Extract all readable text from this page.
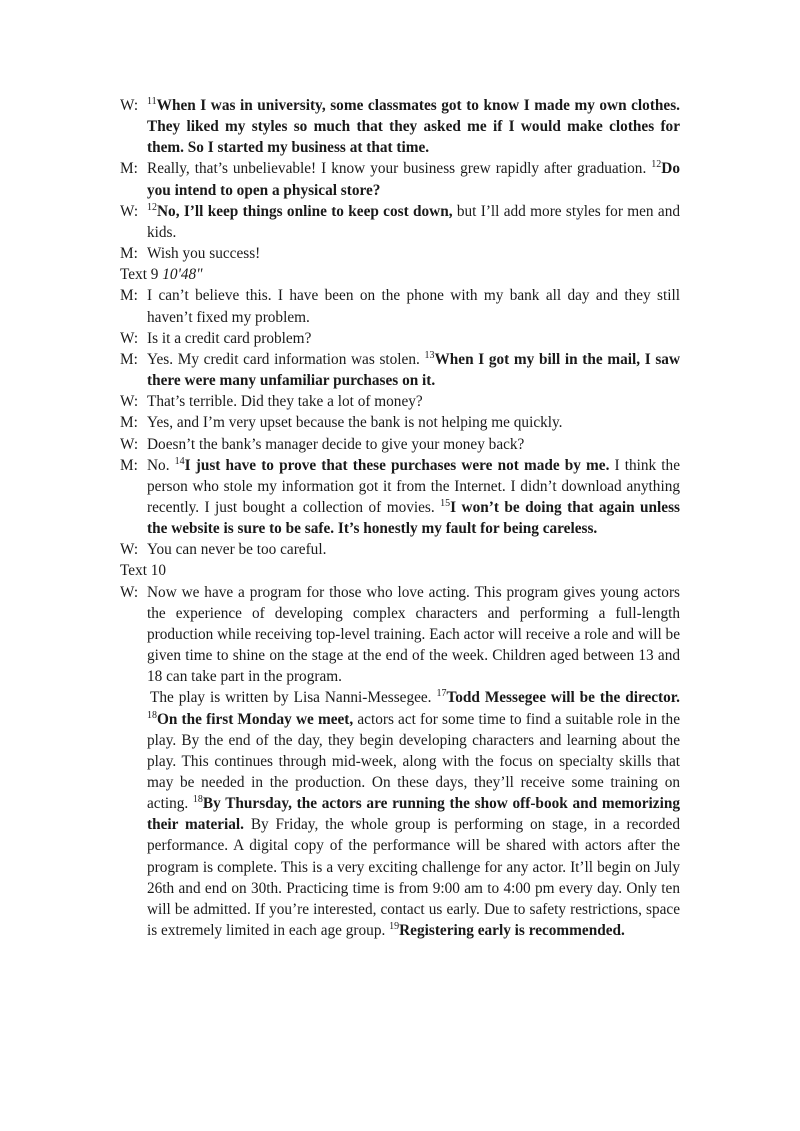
W: $^{11}$When I was in university, some classmates got to know I made my own clothes. They liked my styles so much that they asked me if I would make clothes for them. So I started my business at that time.
M: Really, that’s unbelievable! I know your business grew rapidly after graduation. $^{12}$Do you intend to open a physical store?
W: $^{12}$No, I’ll keep things online to keep cost down, but I’ll add more styles for men and kids.
M: Wish you success!
Text 9 10'48"
M: I can’t believe this. I have been on the phone with my bank all day and they still haven’t fixed my problem.
W: Is it a credit card problem?
M: Yes. My credit card information was stolen. $^{13}$When I got my bill in the mail, I saw there were many unfamiliar purchases on it.
W: That’s terrible. Did they take a lot of money?
M: Yes, and I’m very upset because the bank is not helping me quickly.
W: Doesn’t the bank’s manager decide to give your money back?
M: No. $^{14}$I just have to prove that these purchases were not made by me. I think the person who stole my information got it from the Internet. I didn’t download anything recently. I just bought a collection of movies. $^{15}$I won’t be doing that again unless the website is sure to be safe. It’s honestly my fault for being careless.
W: You can never be too careful.
Text 10
W: Now we have a program for those who love acting. This program gives young actors the experience of developing complex characters and performing a full-length production while receiving top-level training. Each actor will receive a role and will be given time to shine on the stage at the end of the week. Children aged between 13 and 18 can take part in the program.
The play is written by Lisa Nanni-Messegee. $^{17}$Todd Messegee will be the director. $^{18}$On the first Monday we meet, actors act for some time to find a suitable role in the play. By the end of the day, they begin developing characters and learning about the play. This continues through mid-week, along with the focus on specialty skills that may be needed in the production. On these days, they’ll receive some training on acting. $^{18}$By Thursday, the actors are running the show off-book and memorizing their material. By Friday, the whole group is performing on stage, in a recorded performance. A digital copy of the performance will be shared with actors after the program is complete. This is a very exciting challenge for any actor. It’ll begin on July 26th and end on 30th. Practicing time is from 9:00 am to 4:00 pm every day. Only ten will be admitted. If you’re interested, contact us early. Due to safety restrictions, space is extremely limited in each age group. $^{19}$Registering early is recommended.
